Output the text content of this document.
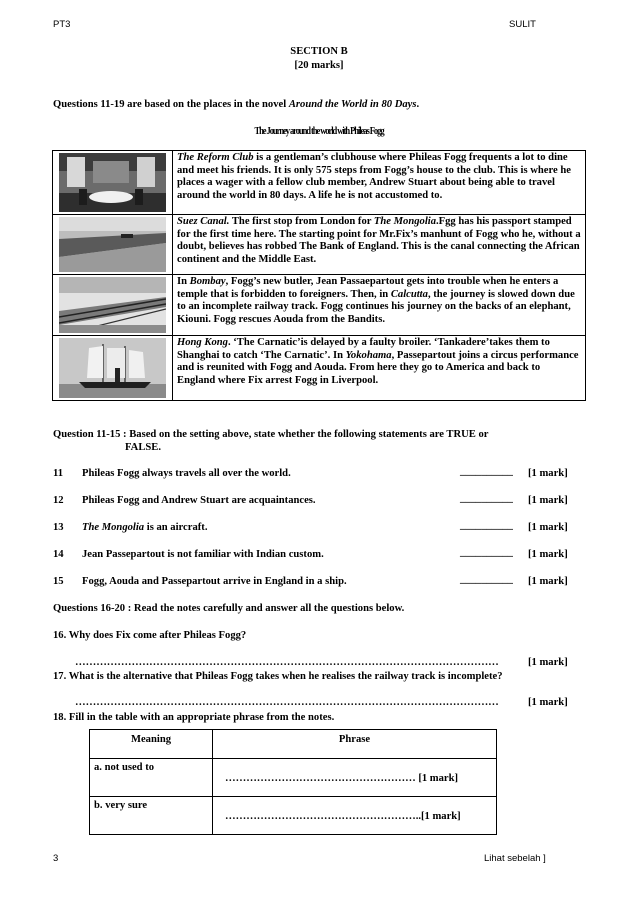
PT3	SULIT
SECTION B
[20 marks]
Questions 11-19 are based on the places in the novel Around the World in 80 Days.
The Journey around the world with Phileas Fogg
	The Reform Club is a gentleman’s clubhouse where Phileas Fogg frequents a lot to dine and meet his friends. It is only 575 steps from Fogg’s house to the club. This is where he places a wager with a fellow club member, Andrew Stuart about being able to travel around the world in 80 days. A life he is not accustomed to.

	Suez Canal. The first stop from London for The Mongolia.Fgg has his passport stamped for the first time here. The starting point for Mr.Fix’s manhunt of Fogg who he, without a doubt, believes has robbed The Bank of England. This is the canal connecting the African continent and the Middle East.

	In Bombay, Fogg’s new butler, Jean Passaepartout gets into trouble when he enters a temple that is forbidden to foreigners. Then, in Calcutta, the journey is slowed down due to an incomplete railway track. Fogg continues his journey on the backs of an elephant, Kiouni. Fogg rescues Aouda from the Bandits.

	Hong Kong. ‘The Carnatic’is delayed by a faulty broiler. ‘Tankadere’takes them to Shanghai to catch ‘The Carnatic’. In Yokohama, Passepartout joins a circus performance and is reunited with Fogg and Aouda. From here they go to America and back to England where Fix arrest Fogg in Liverpool.
Question 11-15 : Based on the setting above, state whether the following statements are TRUE or
FALSE.
11 Phileas Fogg always travels all over the world.	__________ [1 mark]
12 Phileas Fogg and Andrew Stuart are acquaintances.	__________ [1 mark]
13 The Mongolia is an aircraft.	__________ [1 mark]
14 Jean Passepartout is not familiar with Indian custom.	__________ [1 mark]
15 Fogg, Aouda and Passepartout arrive in England in a ship.	__________ [1 mark]
Questions 16-20 : Read the notes carefully and answer all the questions below.
16. Why does Fix come after Phileas Fogg?
…………………………………………………………………………………………………………	[1 mark]
17. What is the alternative that Phileas Fogg takes when he realises the railway track is incomplete?
…………………………………………………………………………………………………………	[1 mark]
18. Fill in the table with an appropriate phrase from the notes.
Meaning	Phrase
a. not used to	……………………………………………… [1 mark]
b. very sure	………………………………………………..[1 mark]
3	Lihat sebelah ]
